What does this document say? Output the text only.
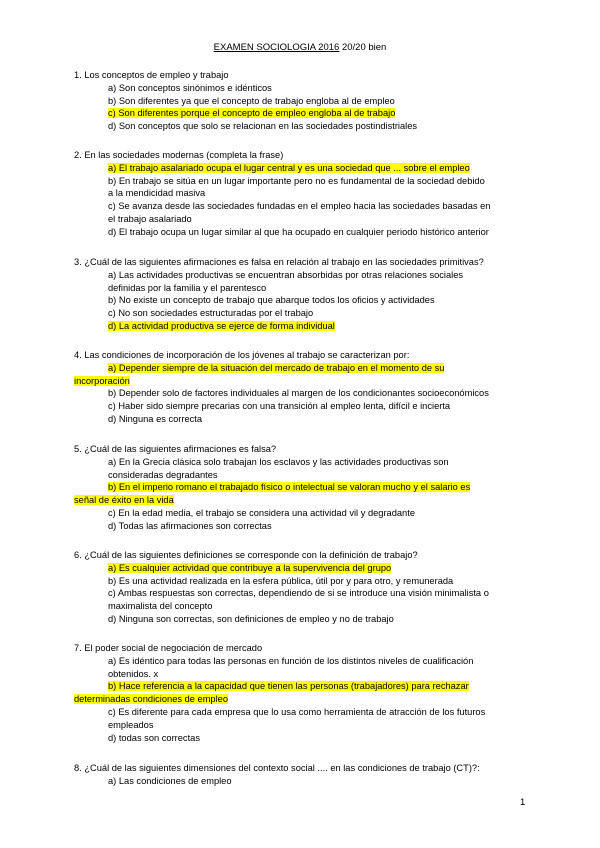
EXAMEN SOCIOLOGIA 2016 20/20 bien
1. Los conceptos de empleo y trabajo
a) Son conceptos sinónimos e idénticos
b) Son diferentes ya que el concepto de trabajo engloba al de empleo
c) Son diferentes porque el concepto de empleo engloba al de trabajo
d) Son conceptos que solo se relacionan en las sociedades postindistriales
2. En las sociedades modernas (completa la frase)
a) El trabajo asalariado ocupa el lugar central y es una sociedad que ... sobre el empleo
b) En trabajo se sitúa en un lugar importante pero no es fundamental de la sociedad debido
a la mendicidad masiva
c) Se avanza desde las sociedades fundadas en el empleo hacia las sociedades basadas en
el trabajo asalariado
d) El trabajo ocupa un lugar similar al que ha ocupado en cualquier periodo histórico anterior
3. ¿Cuál de las siguientes afirmaciones es falsa en relación al trabajo en las sociedades primitivas?
a) Las actividades productivas se encuentran absorbidas por otras relaciones sociales
definidas por la familia y el parentesco
b) No existe un concepto de trabajo que abarque todos los oficios y actividades
c) No son sociedades estructuradas por el trabajo
d) La actividad productiva se ejerce de forma individual
4. Las condiciones de incorporación de los jóvenes al trabajo se caracterizan por:
a) Depender siempre de la situación del mercado de trabajo en el momento de su
incorporación
b) Depender solo de factores individuales al margen de los condicionantes socioeconómicos
c) Haber sido siempre precarias con una transición al empleo lenta, difícil e incierta
d) Ninguna es correcta
5. ¿Cuál de las siguientes afirmaciones es falsa?
a) En la Grecia clásica solo trabajan los esclavos y las actividades productivas son
consideradas degradantes
b) En el imperio romano el trabajado físico o intelectual se valoran mucho y el salario es
señal de éxito en la vida
c) En la edad media, el trabajo se considera una actividad vil y degradante
d) Todas las afirmaciones son correctas
6. ¿Cuál de las siguientes definiciones se corresponde con la definición de trabajo?
a) Es cualquier actividad que contribuye a la supervivencia del grupo
b) Es una actividad realizada en la esfera pública, útil por y para otro, y remunerada
c) Ambas respuestas son correctas, dependiendo de si se introduce una visión minimalista o
maximalista del concepto
d) Ninguna son correctas, son definiciones de empleo y no de trabajo
7. El poder social de negociación de mercado
a) Es idéntico para todas las personas en función de los distintos niveles de cualificación
obtenidos. x
b) Hace referencia a la capacidad que tienen las personas (trabajadores) para rechazar
determinadas condiciones de empleo
c) Es diferente para cada empresa que lo usa como herramienta de atracción de los futuros
empleados
d) todas son correctas
8. ¿Cuál de las siguientes dimensiones del contexto social .... en las condiciones de trabajo (CT)?:
a) Las condiciones de empleo
1
